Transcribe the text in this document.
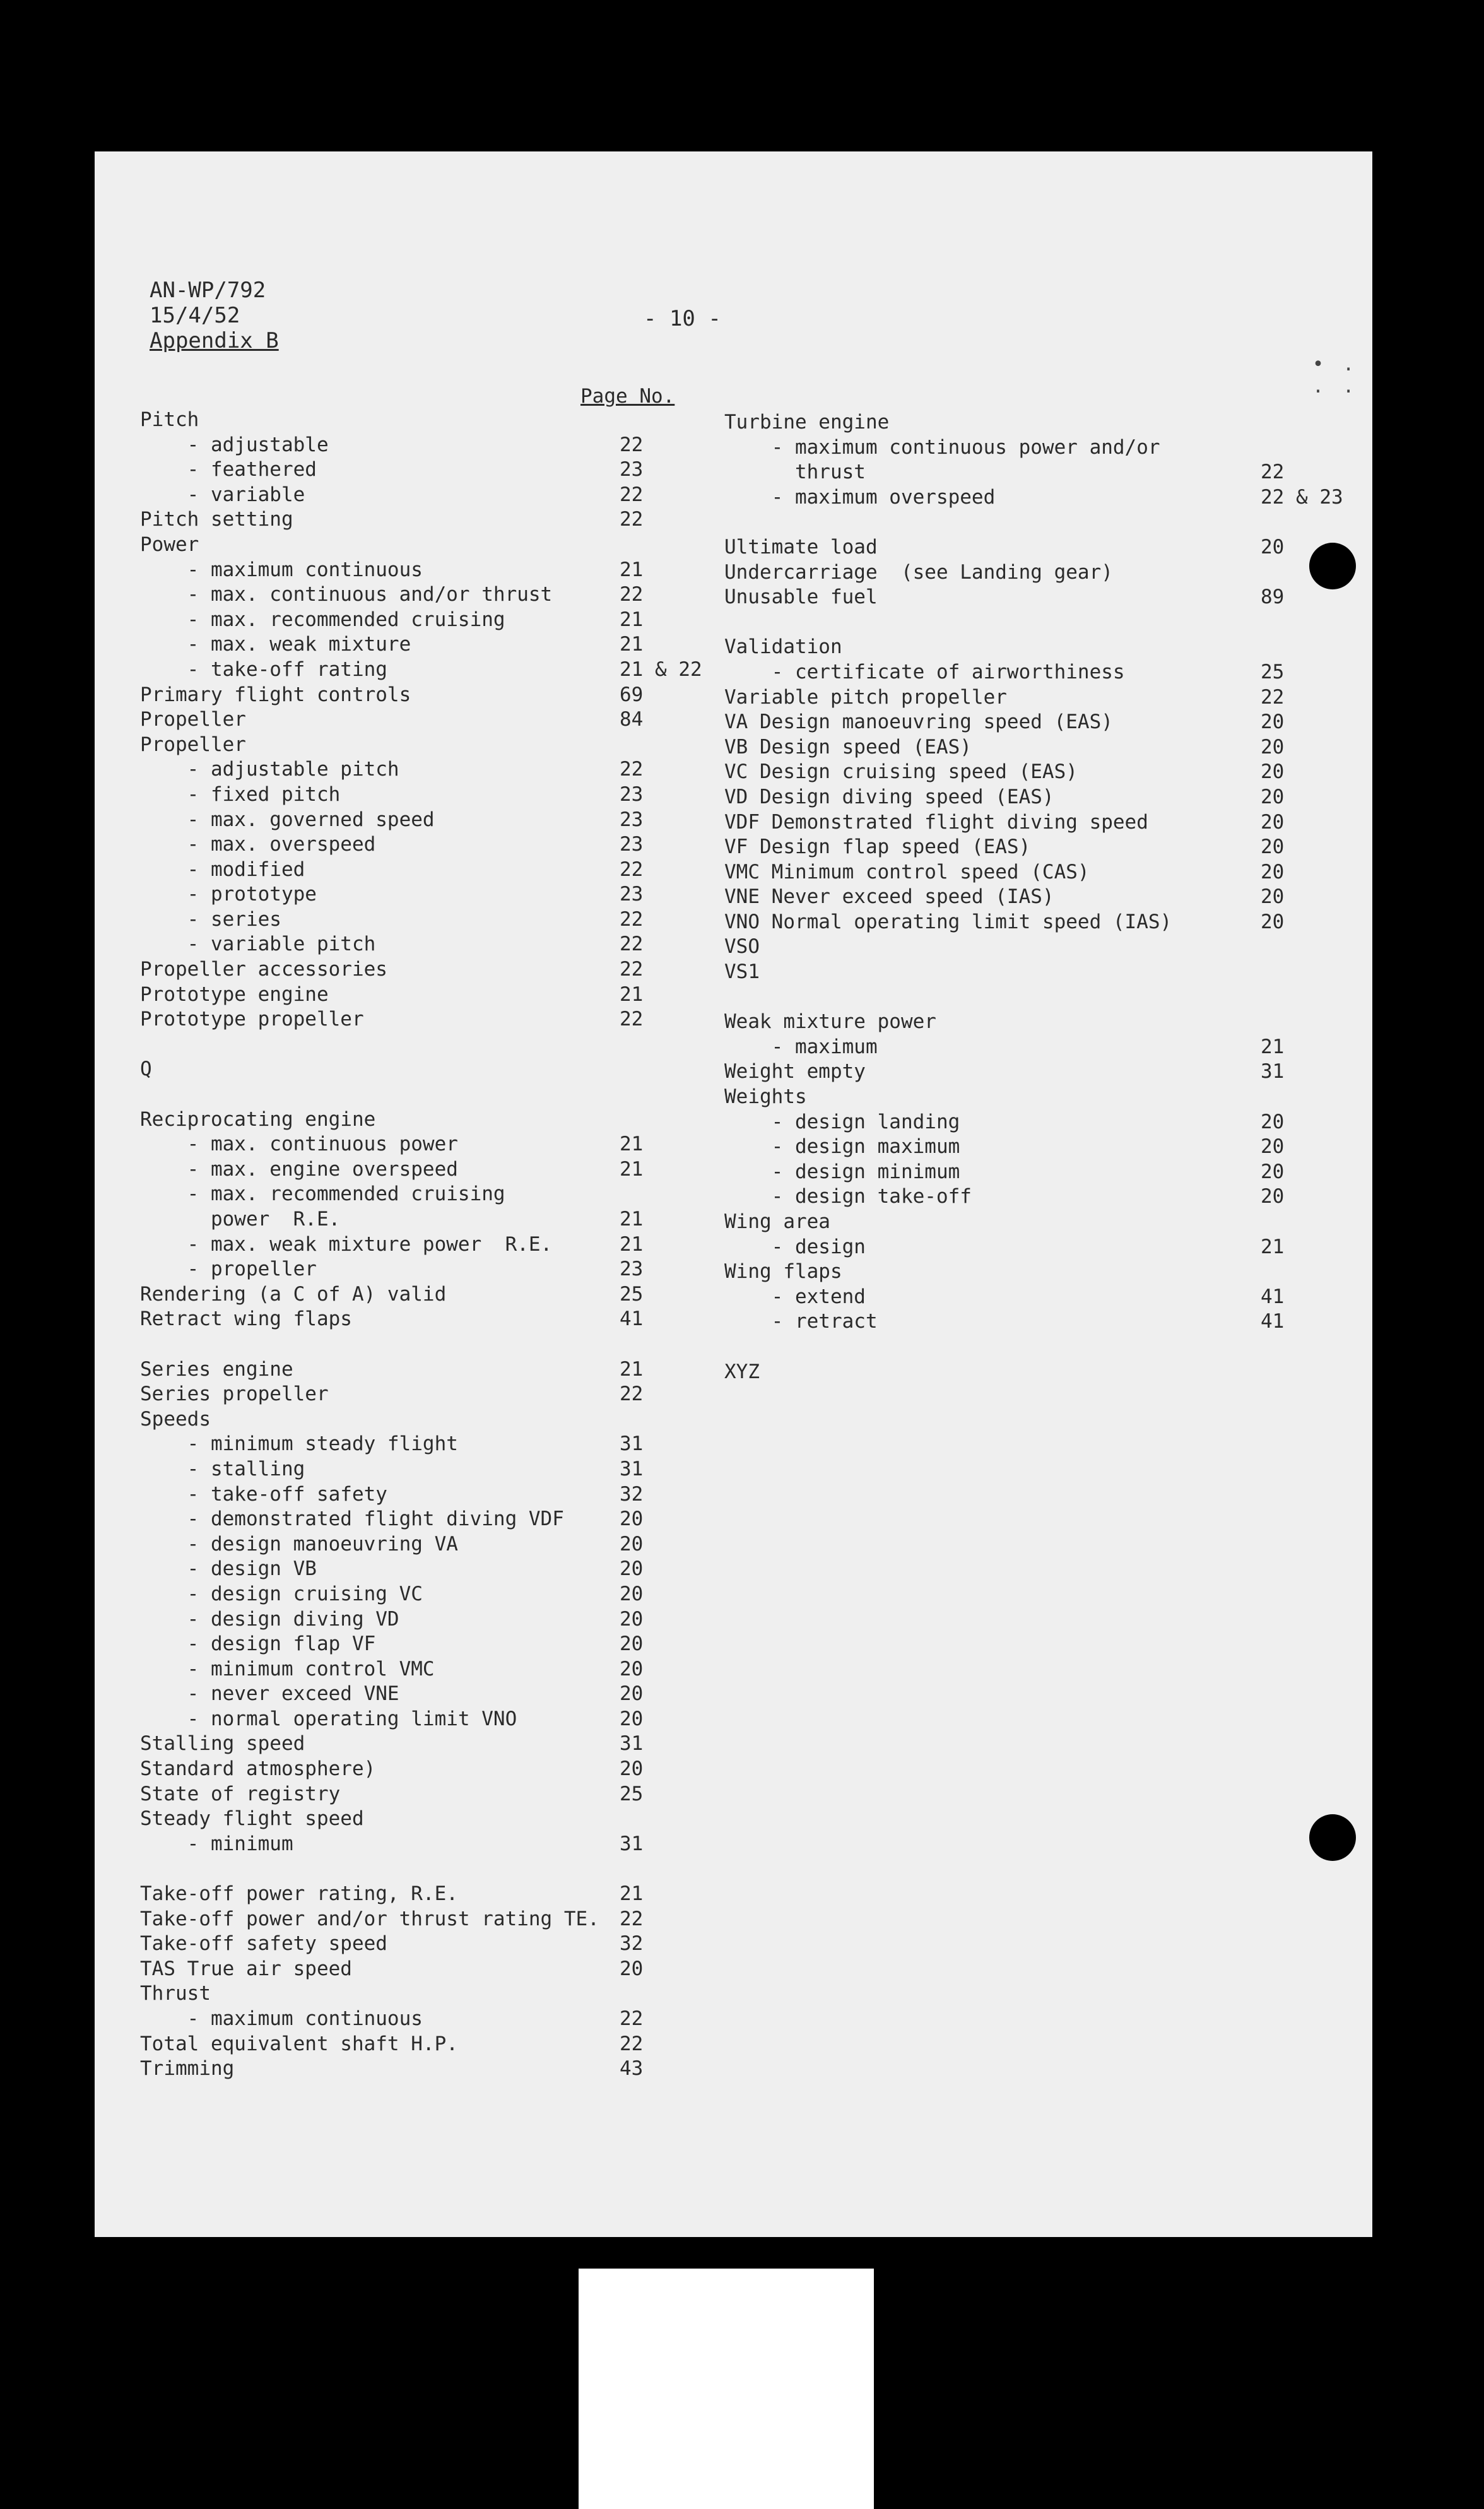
• . . .
AN-WP/792
15/4/52
Appendix B
- 10 -
Page No.
Pitch
- adjustable	22
- feathered	23
- variable	22
Pitch setting	22
Power
- maximum continuous	21
- max. continuous and/or thrust	22
- max. recommended cruising	21
- max. weak mixture	21
- take-off rating	21 & 22
Primary flight controls	69
Propeller	84
Propeller
- adjustable pitch	22
- fixed pitch	23
- max. governed speed	23
- max. overspeed	23
- modified	22
- prototype	23
- series	22
- variable pitch	22
Propeller accessories	22
Prototype engine	21
Prototype propeller	22
Q
Reciprocating engine
- max. continuous power	21
- max. engine overspeed	21
- max. recommended cruising
power  R.E.	21
- max. weak mixture power  R.E.	21
- propeller	23
Rendering (a C of A) valid	25
Retract wing flaps	41
Series engine	21
Series propeller	22
Speeds
- minimum steady flight	31
- stalling	31
- take-off safety	32
- demonstrated flight diving VDF	20
- design manoeuvring VA	20
- design VB	20
- design cruising VC	20
- design diving VD	20
- design flap VF	20
- minimum control VMC	20
- never exceed VNE	20
- normal operating limit VNO	20
Stalling speed	31
Standard atmosphere)	20
State of registry	25
Steady flight speed
- minimum	31
Take-off power rating, R.E.	21
Take-off power and/or thrust rating TE. 22
Take-off safety speed	32
TAS True air speed	20
Thrust
- maximum continuous	22
Total equivalent shaft H.P.	22
Trimming	43
Turbine engine
- maximum continuous power and/or
thrust	22
- maximum overspeed	22 & 23
Ultimate load	20
Undercarriage  (see Landing gear)
Unusable fuel	89
Validation
- certificate of airworthiness	25
Variable pitch propeller	22
VA Design manoeuvring speed (EAS)	20
VB Design speed (EAS)	20
VC Design cruising speed (EAS)	20
VD Design diving speed (EAS)	20
VDF Demonstrated flight diving speed	20
VF Design flap speed (EAS)	20
VMC Minimum control speed (CAS)	20
VNE Never exceed speed (IAS)	20
VNO Normal operating limit speed (IAS)	20
VSO
VS1
Weak mixture power
- maximum	21
Weight empty	31
Weights
- design landing	20
- design maximum	20
- design minimum	20
- design take-off	20
Wing area
- design	21
Wing flaps
- extend	41
- retract	41
XYZ
